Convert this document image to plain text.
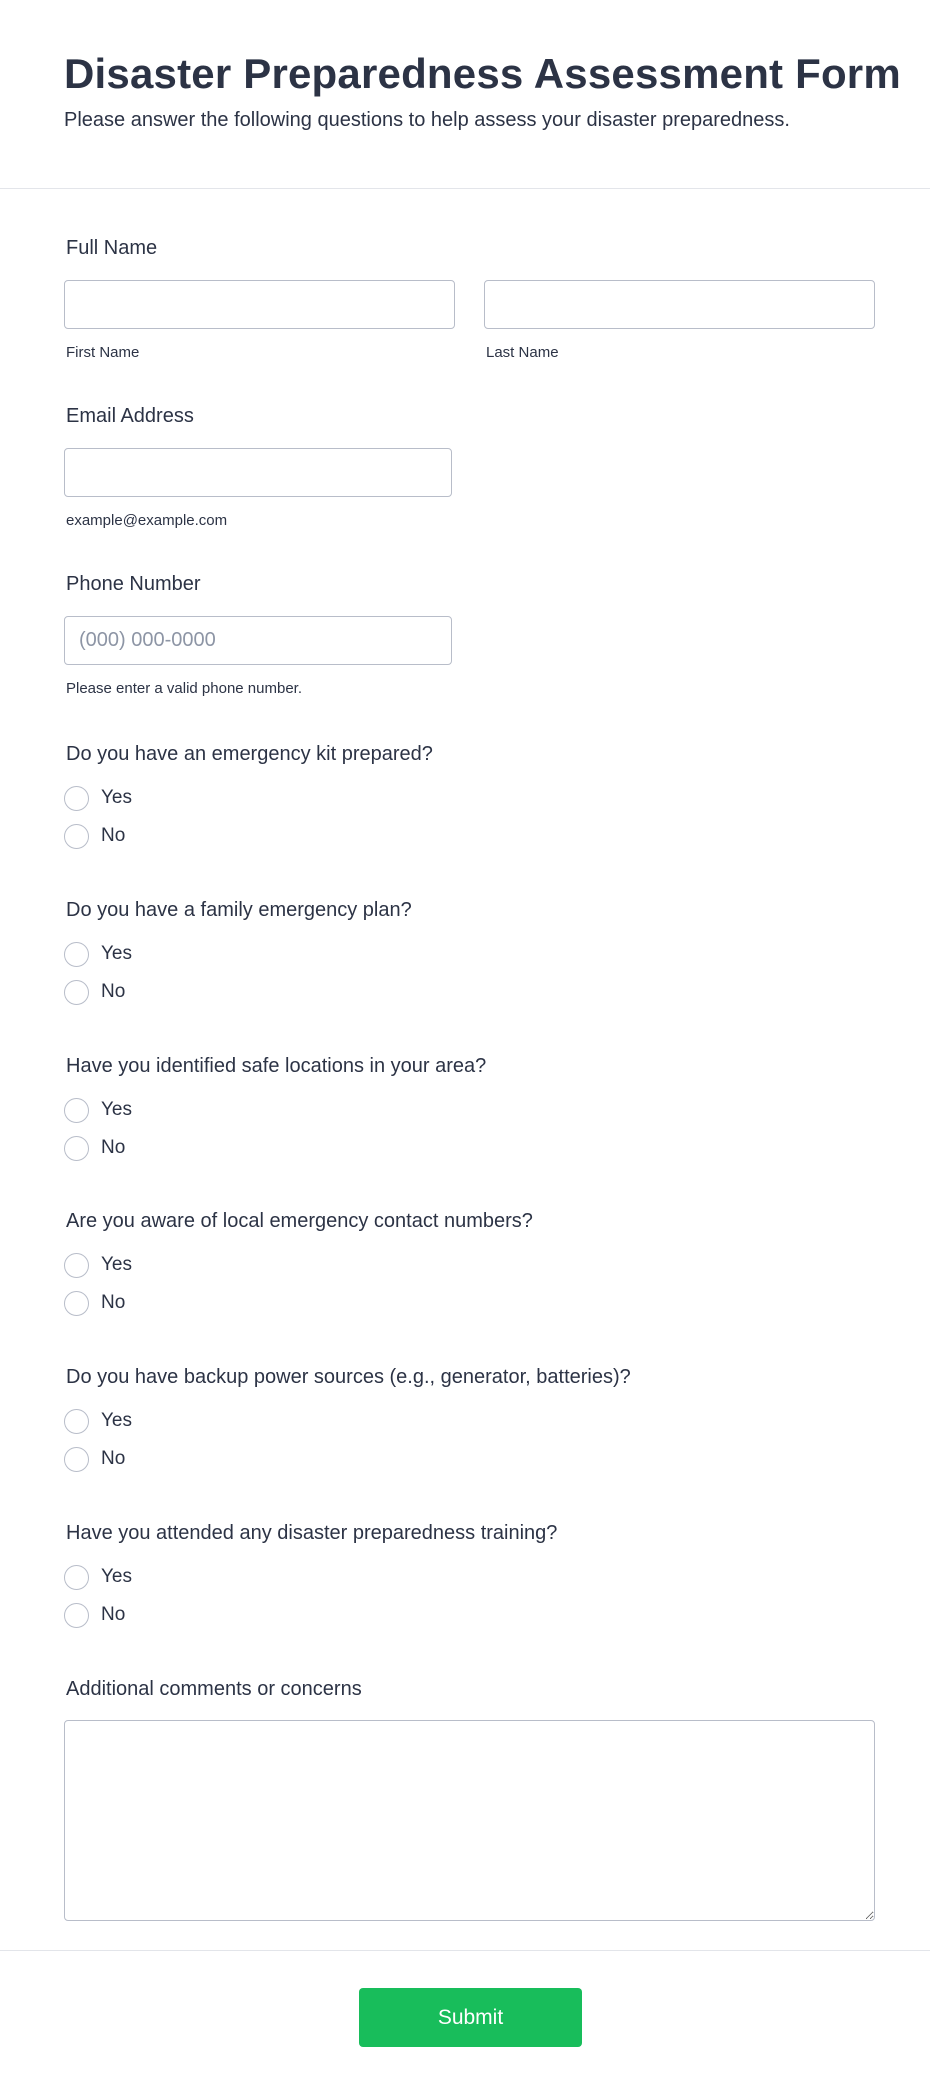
Disaster Preparedness Assessment Form

Please answer the following questions to help assess your disaster preparedness.

Full Name
First Name	Last Name
Email Address
example@example.com
Phone Number
(000) 000-0000
Please enter a valid phone number.
Do you have an emergency kit prepared?
Yes
No
Do you have a family emergency plan?
Yes
No
Have you identified safe locations in your area?
Yes
No
Are you aware of local emergency contact numbers?
Yes
No
Do you have backup power sources (e.g., generator, batteries)?
Yes
No
Have you attended any disaster preparedness training?
Yes
No
Additional comments or concerns
Submit
